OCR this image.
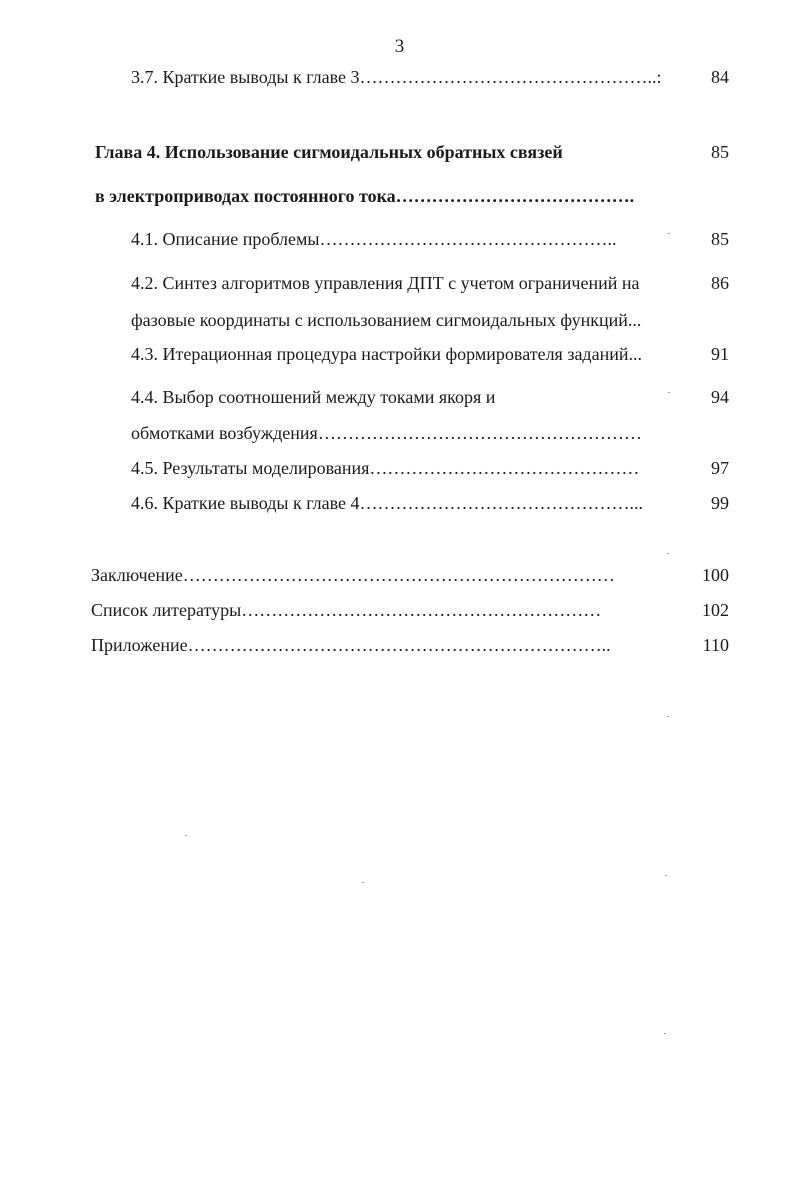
3
3.7. Краткие выводы к главе 3…………………………………………..:	84
Глава 4. Использование сигмоидальных обратных связей	85
в электроприводах постоянного тока………………………………….
4.1. Описание проблемы…………………………………………..	85
4.2. Синтез алгоритмов управления ДПТ с учетом ограничений на	86
фазовые координаты с использованием сигмоидальных функций...
4.3. Итерационная процедура настройки формирователя заданий...	91
4.4. Выбор соотношений между токами якоря и	94
обмотками возбуждения………………………………………………
4.5. Результаты моделирования………………………………………	97
4.6. Краткие выводы к главе 4………………………………………...	99
Заключение………………………………………………………………	100
Список литературы……………………………………………………	102
Приложение……………………………………………………………..	110
